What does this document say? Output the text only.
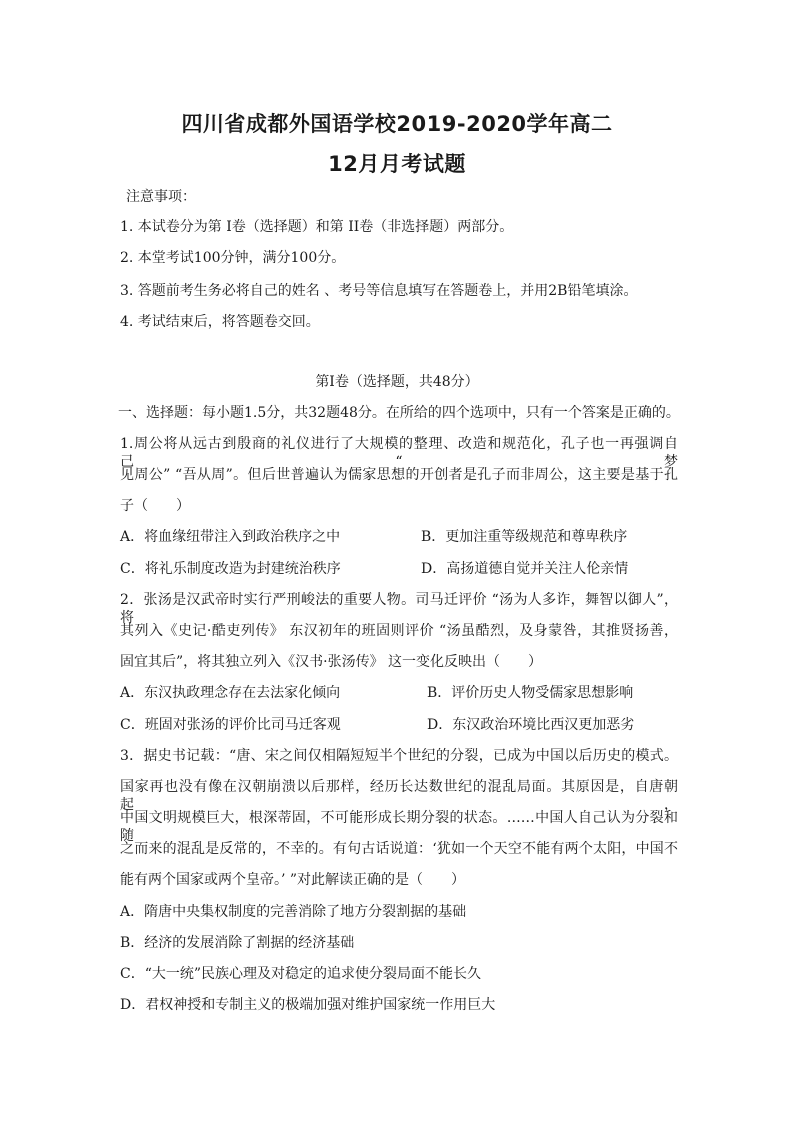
四川省成都外国语学校2019-2020学年高二
12月月考试题
注意事项：
1. 本试卷分为第 I卷（选择题）和第 II卷（非选择题）两部分。
2. 本堂考试100分钟，满分100分。
3. 答题前考生务必将自己的姓名 、考号等信息填写在答题卷上，并用2B铅笔填涂。
4. 考试结束后，将答题卷交回。
第I卷（选择题，共48分）
一、选择题：每小题1.5分，共32题48分。在所给的四个选项中，只有一个答案是正确的。
1.周公将从远古到殷商的礼仪进行了大规模的整理、改造和规范化，孔子也一再强调自己“梦
见周公” “吾从周”。但后世普遍认为儒家思想的开创者是孔子而非周公，这主要是基于孔
子（　　）
A．将血缘纽带注入到政治秩序之中	B．更加注重等级规范和尊卑秩序
C．将礼乐制度改造为封建统治秩序	D．高扬道德自觉并关注人伦亲情
2．张汤是汉武帝时实行严刑峻法的重要人物。司马迁评价 “汤为人多诈，舞智以御人”，将
其列入《史记·酷吏列传》 东汉初年的班固则评价 “汤虽酷烈，及身蒙咎，其推贤扬善，
固宜其后”，将其独立列入《汉书·张汤传》 这一变化反映出（　　）
A．东汉执政理念存在去法家化倾向	B．评价历史人物受儒家思想影响
C．班固对张汤的评价比司马迁客观	D．东汉政治环境比西汉更加恶劣
3．据史书记载：“唐、宋之间仅相隔短短半个世纪的分裂，已成为中国以后历史的模式。
国家再也没有像在汉朝崩溃以后那样，经历长达数世纪的混乱局面。其原因是，自唐朝起，
中国文明规模巨大，根深蒂固，不可能形成长期分裂的状态。……中国人自己认为分裂和随
之而来的混乱是反常的，不幸的。有句古话说道：‘犹如一个天空不能有两个太阳，中国不
能有两个国家或两个皇帝。’ ”对此解读正确的是（　　）
A．隋唐中央集权制度的完善消除了地方分裂割据的基础
B．经济的发展消除了割据的经济基础
C．“大一统”民族心理及对稳定的追求使分裂局面不能长久
D．君权神授和专制主义的极端加强对维护国家统一作用巨大
